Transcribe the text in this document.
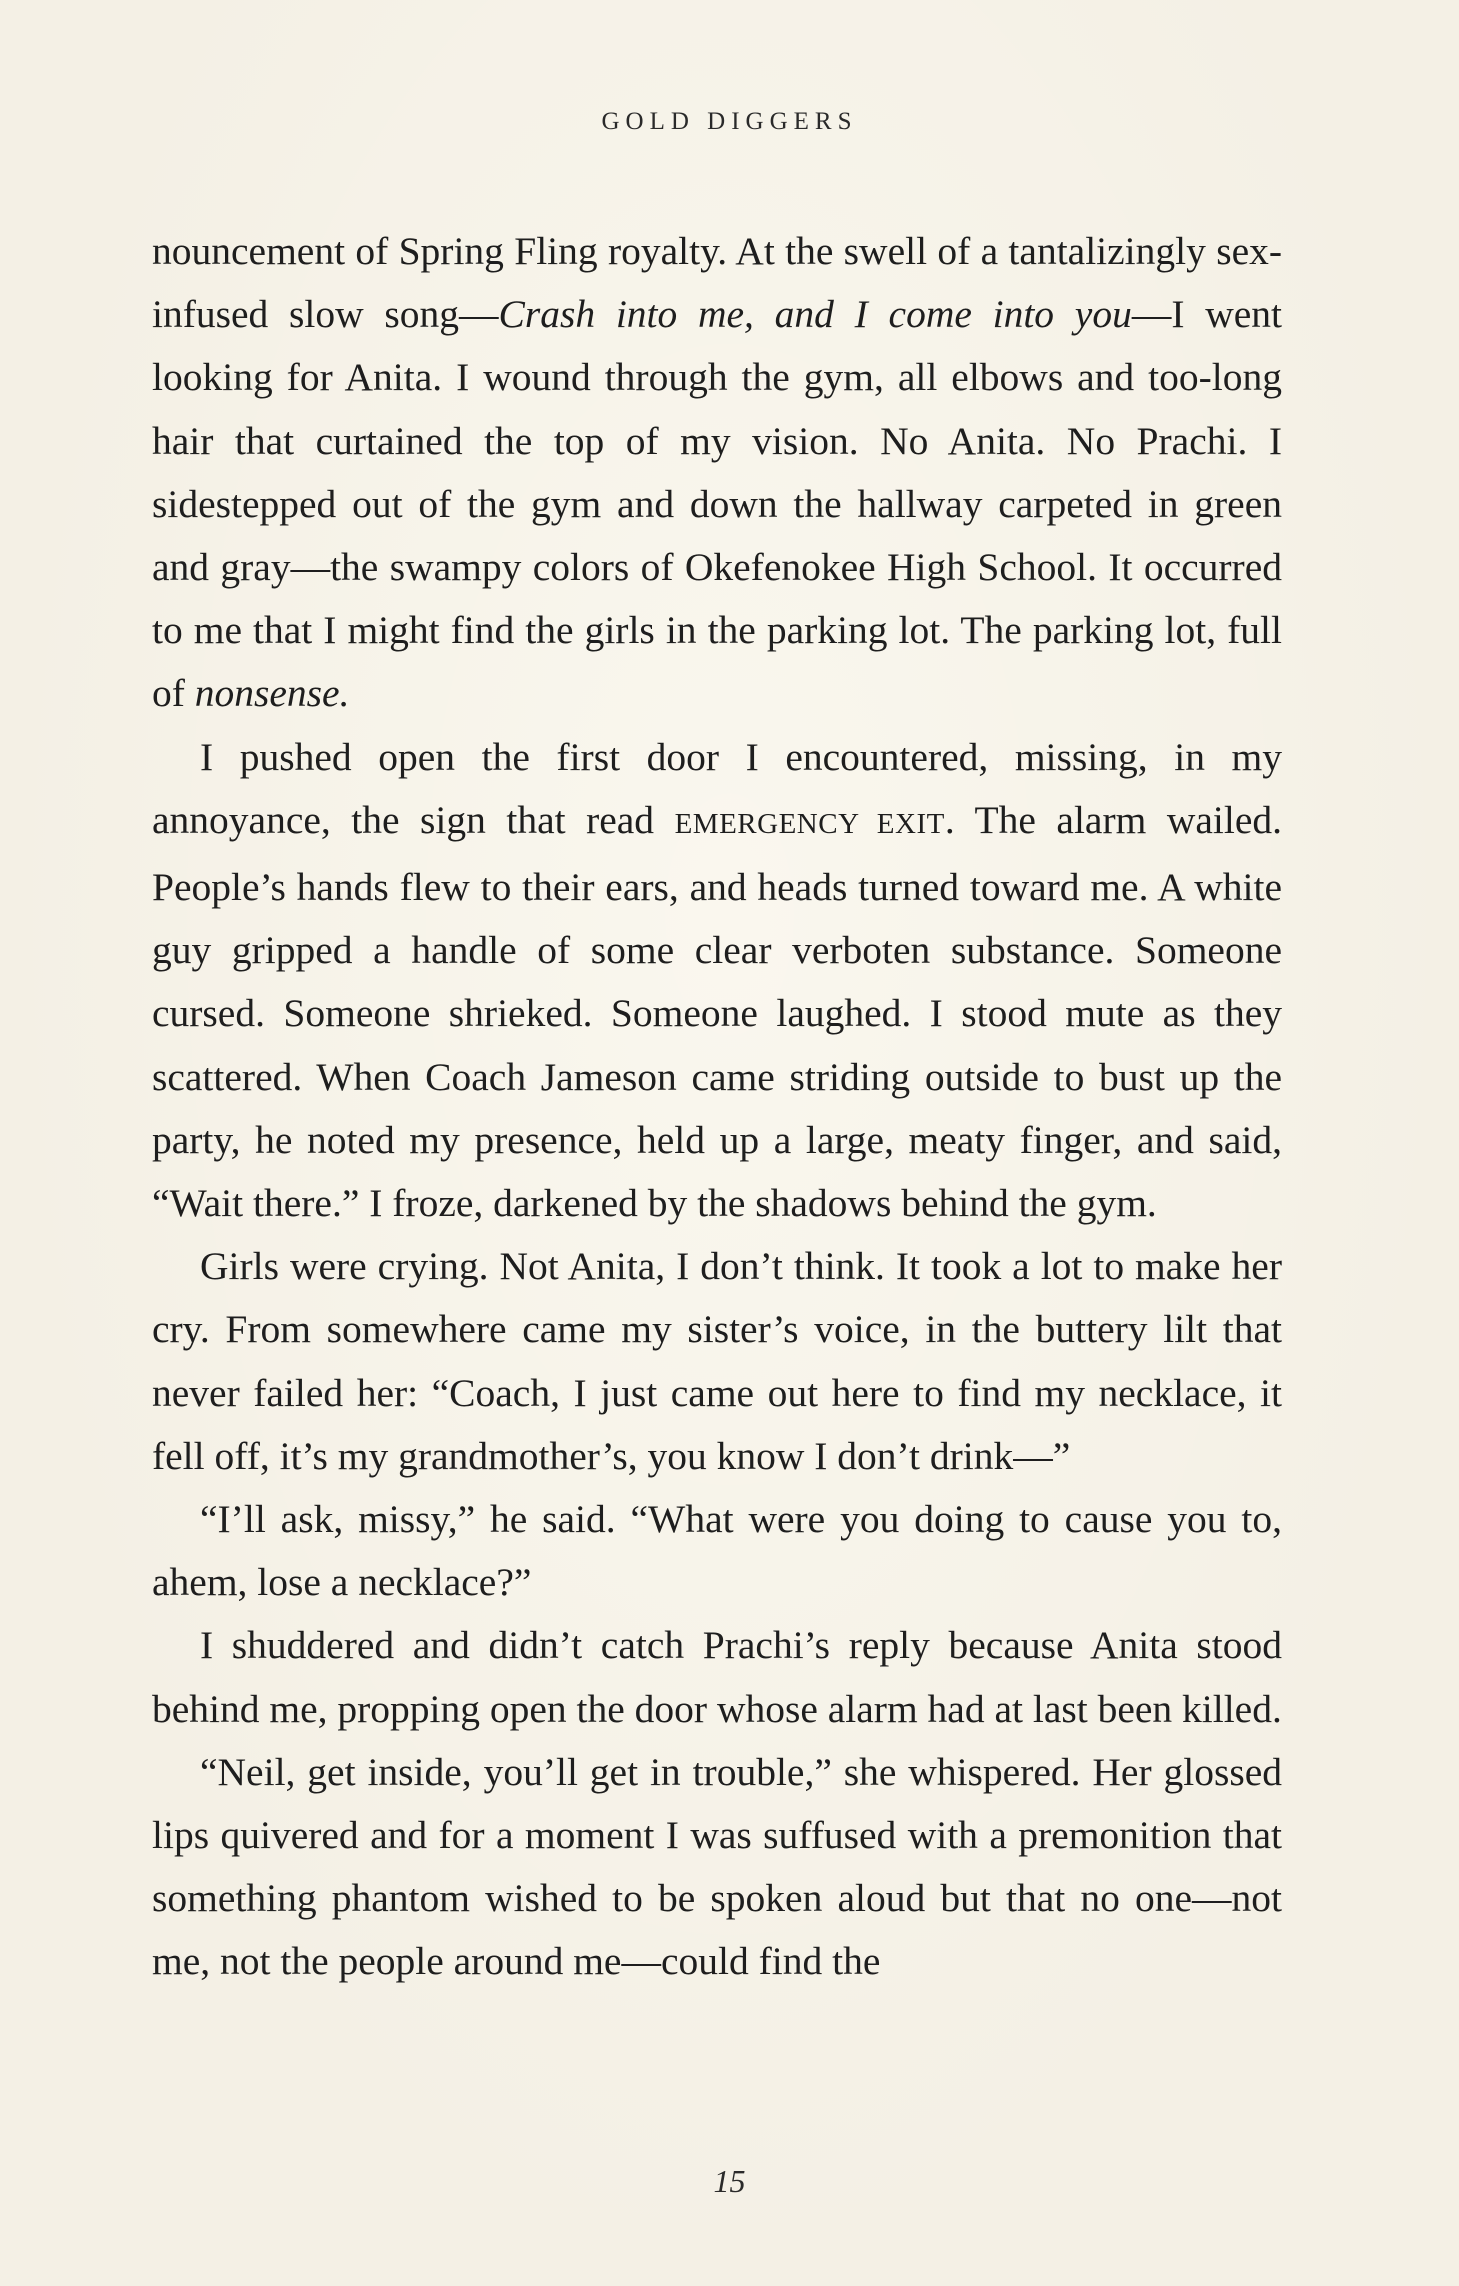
GOLD DIGGERS

nouncement of Spring Fling royalty. At the swell of a tantalizingly sex-infused slow song—Crash into me, and I come into you—I went looking for Anita. I wound through the gym, all elbows and too-long hair that curtained the top of my vision. No Anita. No Prachi. I sidestepped out of the gym and down the hallway carpeted in green and gray—the swampy colors of Okefenokee High School. It occurred to me that I might find the girls in the parking lot. The parking lot, full of nonsense.

I pushed open the first door I encountered, missing, in my annoyance, the sign that read EMERGENCY EXIT. The alarm wailed. People’s hands flew to their ears, and heads turned toward me. A white guy gripped a handle of some clear verboten substance. Someone cursed. Someone shrieked. Someone laughed. I stood mute as they scattered. When Coach Jameson came striding outside to bust up the party, he noted my presence, held up a large, meaty finger, and said, “Wait there.” I froze, darkened by the shadows behind the gym.

Girls were crying. Not Anita, I don’t think. It took a lot to make her cry. From somewhere came my sister’s voice, in the buttery lilt that never failed her: “Coach, I just came out here to find my necklace, it fell off, it’s my grandmother’s, you know I don’t drink—”

“I’ll ask, missy,” he said. “What were you doing to cause you to, ahem, lose a necklace?”

I shuddered and didn’t catch Prachi’s reply because Anita stood behind me, propping open the door whose alarm had at last been killed.

“Neil, get inside, you’ll get in trouble,” she whispered. Her glossed lips quivered and for a moment I was suffused with a premonition that something phantom wished to be spoken aloud but that no one—not me, not the people around me—could find the

15
